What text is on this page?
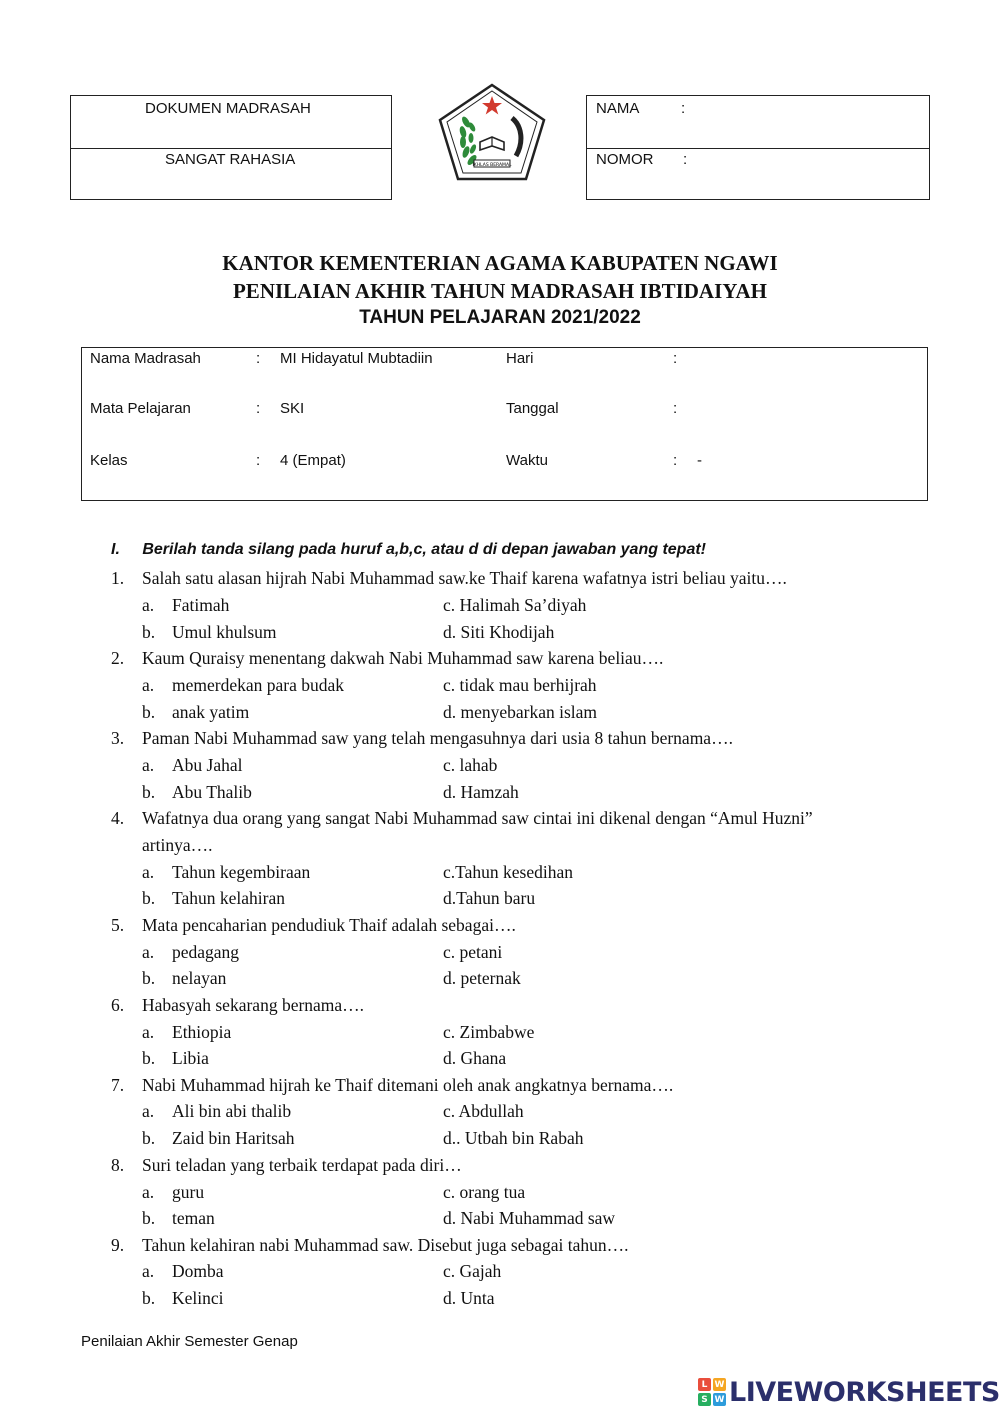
DOKUMEN MADRASAH
SANGAT RAHASIA	IKHLAS BERAMAL
NAMA	:
NOMOR :
KANTOR KEMENTERIAN AGAMA KABUPATEN NGAWI
PENILAIAN AKHIR TAHUN MADRASAH IBTIDAIYAH
TAHUN PELAJARAN 2021/2022
Nama Madrasah	: MI Hidayatul Mubtadiin	Hari	:
Mata Pelajaran	: SKI	Tanggal	:
Kelas	: 4 (Empat)	Waktu	: -
I. Berilah tanda silang pada huruf a,b,c, atau d di depan jawaban yang tepat!
1. Salah satu alasan hijrah Nabi Muhammad saw.ke Thaif karena wafatnya istri beliau yaitu….
a. Fatimah	c. Halimah Sa’diyah
b. Umul khulsum	d. Siti Khodijah
2. Kaum Quraisy menentang dakwah Nabi Muhammad saw karena beliau….
a. memerdekan para budak	c. tidak mau berhijrah
b. anak yatim	d. menyebarkan islam
3. Paman Nabi Muhammad saw yang telah mengasuhnya dari usia 8 tahun bernama….
a. Abu Jahal	c. lahab
b. Abu Thalib	d. Hamzah
4. Wafatnya dua orang yang sangat Nabi Muhammad saw cintai ini dikenal dengan “Amul Huzni”
artinya….
a. Tahun kegembiraan	c.Tahun kesedihan
b. Tahun kelahiran	d.Tahun baru
5. Mata pencaharian pendudiuk Thaif adalah sebagai….
a. pedagang	c. petani
b. nelayan	d. peternak
6. Habasyah sekarang bernama….
a. Ethiopia	c. Zimbabwe
b. Libia	d. Ghana
7. Nabi Muhammad hijrah ke Thaif ditemani oleh anak angkatnya bernama….
a. Ali bin abi thalib	c. Abdullah
b. Zaid bin Haritsah	d.. Utbah bin Rabah
8. Suri teladan yang terbaik terdapat pada diri…
a. guru	c. orang tua
b. teman	d. Nabi Muhammad saw
9. Tahun kelahiran nabi Muhammad saw. Disebut juga sebagai tahun….
a. Domba	c. Gajah
b. Kelinci	d. Unta
Penilaian Akhir Semester Genap
L W
S W LIVEWORKSHEETS
